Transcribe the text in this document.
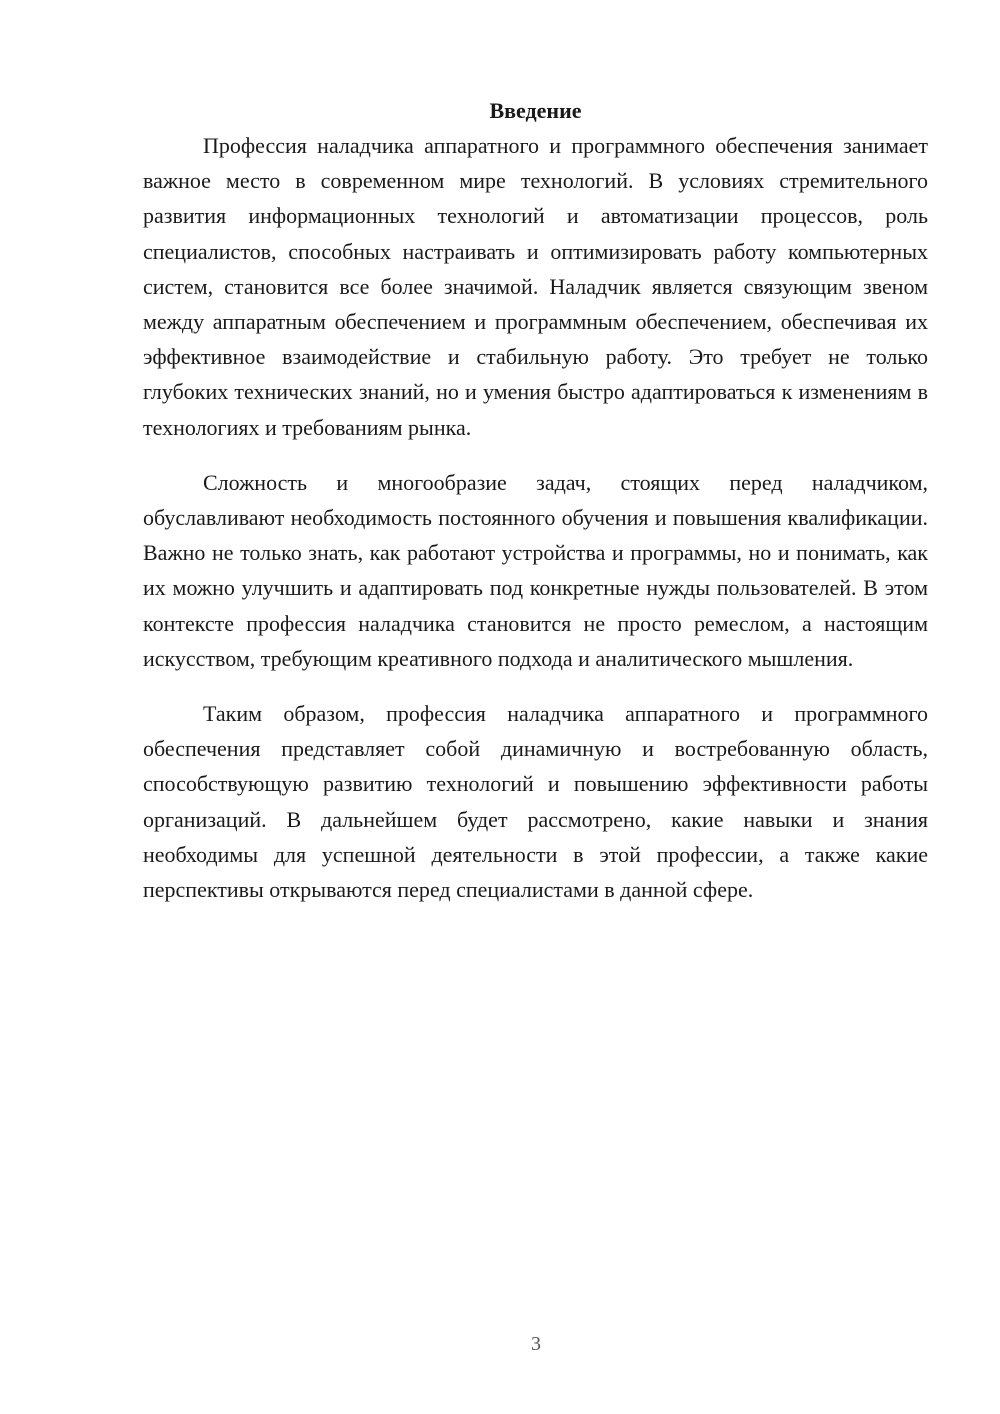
Введение

Профессия наладчика аппаратного и программного обеспечения занимает важное место в современном мире технологий. В условиях стремительного развития информационных технологий и автоматизации процессов, роль специалистов, способных настраивать и оптимизировать работу компьютерных систем, становится все более значимой. Наладчик является связующим звеном между аппаратным обеспечением и программным обеспечением, обеспечивая их эффективное взаимодействие и стабильную работу. Это требует не только глубоких технических знаний, но и умения быстро адаптироваться к изменениям в технологиях и требованиям рынка.

Сложность и многообразие задач, стоящих перед наладчиком, обуславливают необходимость постоянного обучения и повышения квалификации. Важно не только знать, как работают устройства и программы, но и понимать, как их можно улучшить и адаптировать под конкретные нужды пользователей. В этом контексте профессия наладчика становится не просто ремеслом, а настоящим искусством, требующим креативного подхода и аналитического мышления.

Таким образом, профессия наладчика аппаратного и программного обеспечения представляет собой динамичную и востребованную область, способствующую развитию технологий и повышению эффективности работы организаций. В дальнейшем будет рассмотрено, какие навыки и знания необходимы для успешной деятельности в этой профессии, а также какие перспективы открываются перед специалистами в данной сфере.

3
